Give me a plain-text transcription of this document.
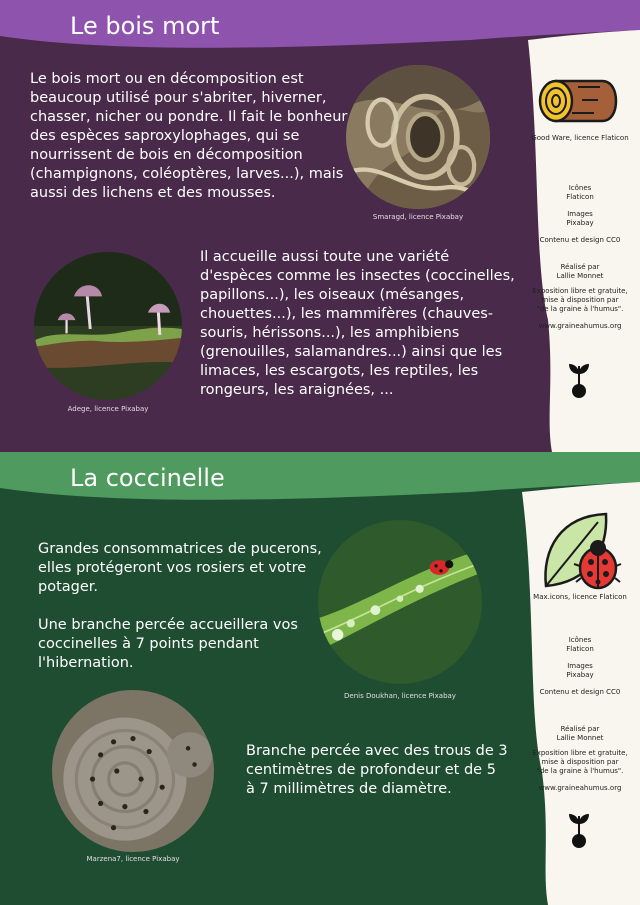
Le bois mort

Le bois mort ou en décomposition est beaucoup utilisé pour s'abriter, hiverner, chasser, nicher ou pondre. Il fait le bonheur des espèces saproxylophages, qui se nourrissent de bois en décomposition (champignons, coléoptères, larves...), mais aussi des lichens et des mousses.

Smaragd, licence Pixabay
Adege, licence Pixabay

Il accueille aussi toute une variété d'espèces comme les insectes (coccinelles, papillons...), les oiseaux (mésanges, chouettes...), les mammifères (chauves-souris, hérissons...), les amphibiens (grenouilles, salamandres...) ainsi que les limaces, les escargots, les reptiles, les rongeurs, les araignées, ...

Good Ware, licence Flaticon
Icônes
Flaticon
Images
Pixabay
Contenu et design CC0
Réalisé par
Lallie Monnet
Exposition libre et gratuite,
mise à disposition par
"de la graine à l'humus".
www.graineahumus.org
La coccinelle

Grandes consommatrices de pucerons, elles protégeront vos rosiers et votre potager.

Une branche percée accueillera vos coccinelles à 7 points pendant l'hibernation.

Denis Doukhan, licence Pixabay
Marzena7, licence Pixabay

Branche percée avec des trous de 3 centimètres de profondeur et de 5 à 7 millimètres de diamètre.

Max.icons, licence Flaticon
Icônes
Flaticon
Images
Pixabay
Contenu et design CC0
Réalisé par
Lallie Monnet
Exposition libre et gratuite,
mise à disposition par
"de la graine à l'humus".
www.graineahumus.org
